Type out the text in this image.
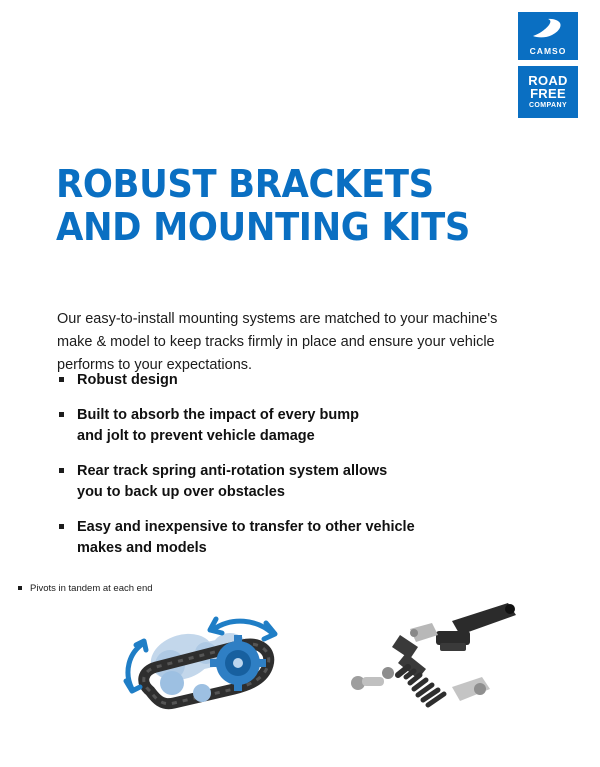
CAMSO
ROAD
FREE
COMPANY
ROBUST BRACKETS
AND MOUNTING KITS

Our easy-to-install mounting systems are matched to your machine's make & model to keep tracks firmly in place and ensure your vehicle performs to your expectations.

Robust design
Built to absorb the impact of every bump
and jolt to prevent vehicle damage
Rear track spring anti-rotation system allows
you to back up over obstacles
Easy and inexpensive to transfer to other vehicle
makes and models
Pivots in tandem at each end
